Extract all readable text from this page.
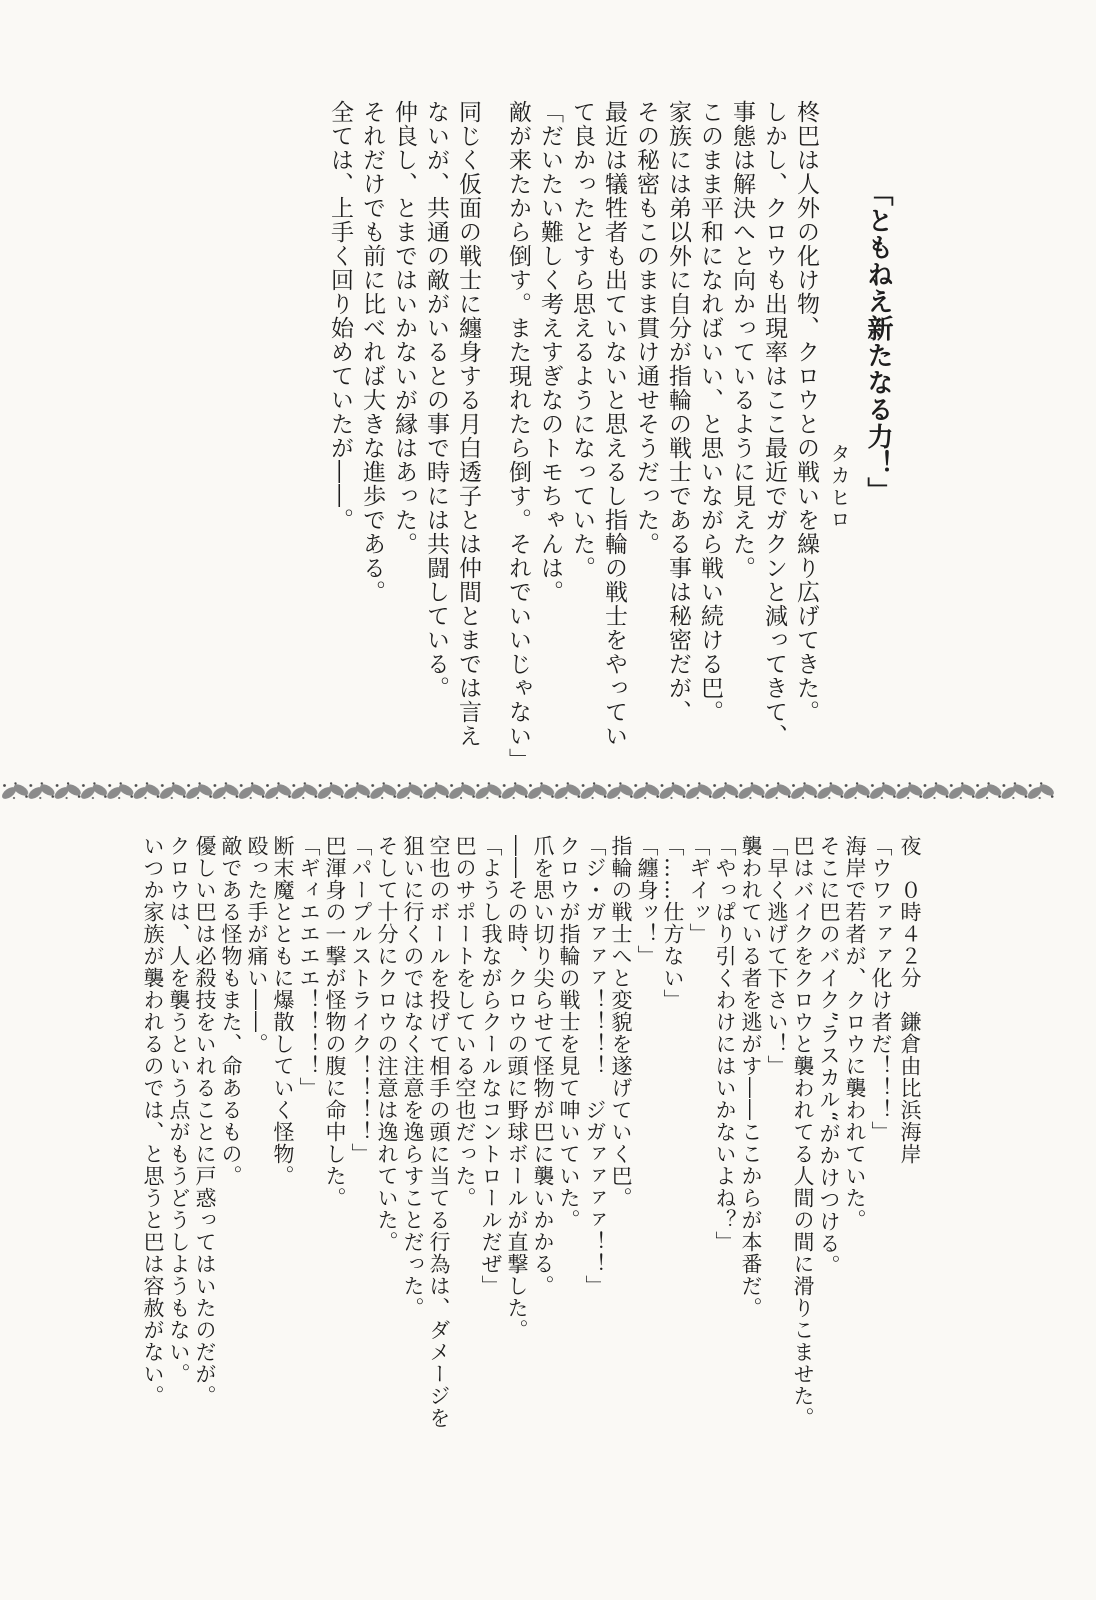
「ともねえ新たなる力！」

タカヒロ

柊巴は人外の化け物、クロウとの戦いを繰り広げてきた。

しかし、クロウも出現率はここ最近でガクンと減ってきて、

事態は解決へと向かっているように見えた。

このまま平和になればいい、と思いながら戦い続ける巴。

家族には弟以外に自分が指輪の戦士である事は秘密だが、

その秘密もこのまま貫け通せそうだった。

最近は犠牲者も出ていないと思えるし指輪の戦士をやってい

て良かったとすら思えるようになっていた。

「だいたい難しく考えすぎなのトモちゃんは。

敵が来たから倒す。また現れたら倒す。それでいいじゃない」

同じく仮面の戦士に纏身する月白透子とは仲間とまでは言え

ないが、共通の敵がいるとの事で時には共闘している。

仲良し、とまではいかないが縁はあった。

それだけでも前に比べれば大きな進歩である。

全ては、上手く回り始めていたが――。

夜　０時４２分　鎌倉由比浜海岸

「ウワァァァ化け者だ！！！」

海岸で若者が、クロウに襲われていた。

そこに巴のバイク”ラスカル“がかけつける。

巴はバイクをクロウと襲われてる人間の間に滑りこませた。

「早く逃げて下さい！」

襲われている者を逃がす――ここからが本番だ。

「やっぱり引くわけにはいかないよね？」

「ギイッ」

「……仕方ない」

「纏身ッ！」

指輪の戦士へと変貌を遂げていく巴。

「ジ・ガァァァ！！！！　ジガァァァァ！！」

クロウが指輪の戦士を見て呻いていた。

爪を思い切り尖らせて怪物が巴に襲いかかる。

――その時、クロウの頭に野球ボールが直撃した。

「ようし我ながらクールなコントロールだぜ」

巴のサポートをしている空也だった。

空也のボールを投げて相手の頭に当てる行為は、ダメージを

狙いに行くのではなく注意を逸らすことだった。

そして十分にクロウの注意は逸れていた。

「パープルストライク！！！！」

巴渾身の一撃が怪物の腹に命中した。

「ギィエエエエ！！！！」

断末魔とともに爆散していく怪物。

殴った手が痛い――。

敵である怪物もまた、命あるもの。

優しい巴は必殺技をいれることに戸惑ってはいたのだが。

クロウは、人を襲うという点がもうどうしようもない。

いつか家族が襲われるのでは、と思うと巴は容赦がない。
